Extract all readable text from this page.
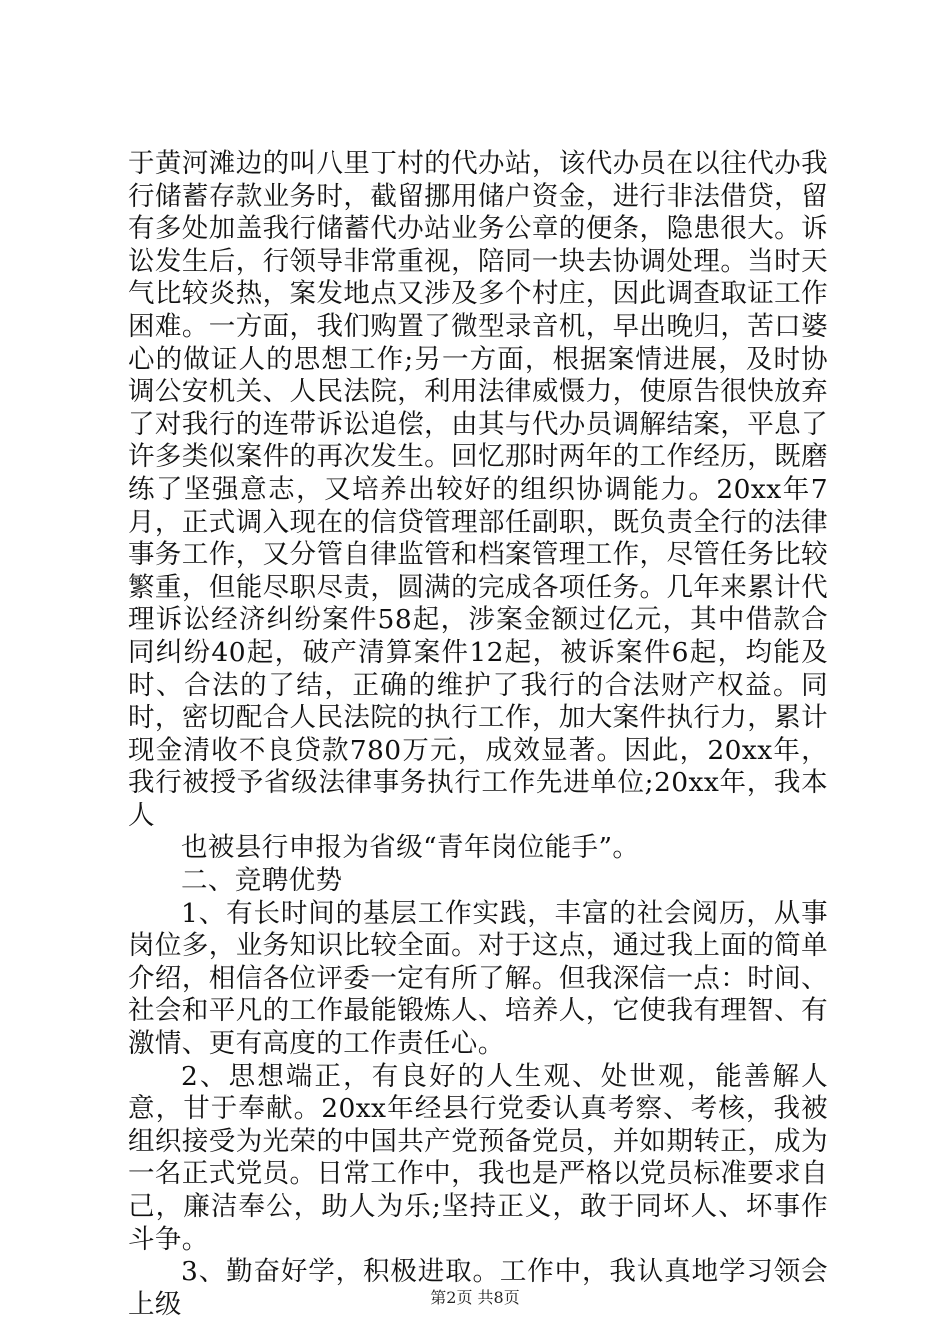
于黄河滩边的叫八里丁村的代办站，该代办员在以往代办我行储蓄存款业务时，截留挪用储户资金，进行非法借贷，留有多处加盖我行储蓄代办站业务公章的便条，隐患很大。诉讼发生后，行领导非常重视，陪同一块去协调处理。当时天气比较炎热，案发地点又涉及多个村庄，因此调查取证工作困难。一方面，我们购置了微型录音机，早出晚归，苦口婆心的做证人的思想工作;另一方面，根据案情进展，及时协调公安机关、人民法院，利用法律威慑力，使原告很快放弃了对我行的连带诉讼追偿，由其与代办员调解结案，平息了许多类似案件的再次发生。回忆那时两年的工作经历，既磨练了坚强意志，又培养出较好的组织协调能力。20xx年7月，正式调入现在的信贷管理部任副职，既负责全行的法律事务工作，又分管自律监管和档案管理工作，尽管任务比较繁重，但能尽职尽责，圆满的完成各项任务。几年来累计代理诉讼经济纠纷案件58起，涉案金额过亿元，其中借款合同纠纷40起，破产清算案件12起，被诉案件6起，均能及时、合法的了结，正确的维护了我行的合法财产权益。同时，密切配合人民法院的执行工作，加大案件执行力，累计现金清收不良贷款780万元，成效显著。因此，20xx年，我行被授予省级法律事务执行工作先进单位;20xx年，我本人

也被县行申报为省级“青年岗位能手”。

二、竞聘优势

1、有长时间的基层工作实践，丰富的社会阅历，从事岗位多，业务知识比较全面。对于这点，通过我上面的简单介绍，相信各位评委一定有所了解。但我深信一点：时间、社会和平凡的工作最能锻炼人、培养人，它使我有理智、有激情、更有高度的工作责任心。

2、思想端正，有良好的人生观、处世观，能善解人意，甘于奉献。20xx年经县行党委认真考察、考核，我被组织接受为光荣的中国共产党预备党员，并如期转正，成为一名正式党员。日常工作中，我也是严格以党员标准要求自己，廉洁奉公，助人为乐;坚持正义，敢于同坏人、坏事作斗争。

3、勤奋好学，积极进取。工作中，我认真地学习领会上级	第2页 共8页
